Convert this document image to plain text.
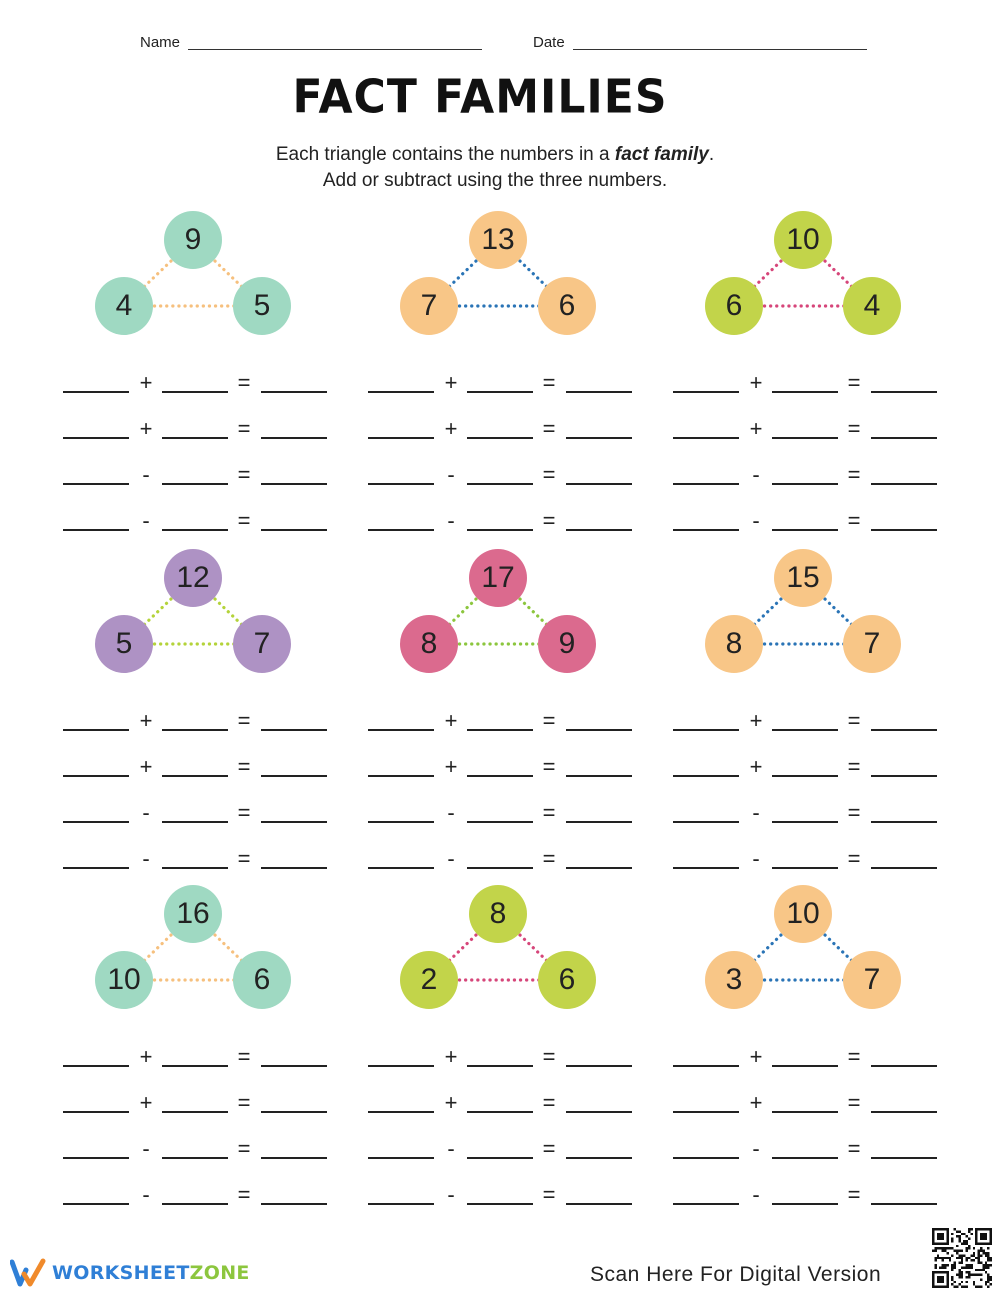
Name	Date
FACT FAMILIES
Each triangle contains the numbers in a fact family.
Add or subtract using the three numbers.
9
4	5
+	=
+	=
-	=
-	=
13
7	6
+	=
+	=
-	=
-	=
10
6	4
+	=
+	=
-	=
-	=
12
5	7
+	=
+	=
-	=
-	=
17
8	9
+	=
+	=
-	=
-	=
15
8	7
+	=
+	=
-	=
-	=
16
10	6
+	=
+	=
-	=
-	=
8
2	6
+	=
+	=
-	=
-	=
10
3	7
+	=
+	=
-	=
-	=
WORKSHEETZONE	Scan Here For Digital Version
